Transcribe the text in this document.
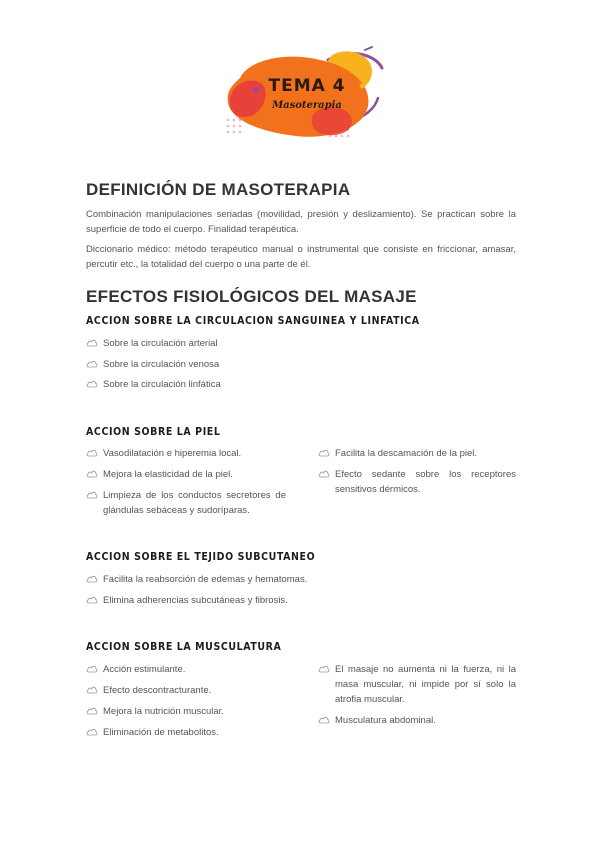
TEMA 4
Masoterapia
DEFINICIÓN DE MASOTERAPIA

Combinación manipulaciones seriadas (movilidad, presión y deslizamiento). Se practican sobre la superficie de todo el cuerpo. Finalidad terapéutica.

Diccionario médico: método terapéutico manual o instrumental que consiste en friccionar, amasar, percutir etc., la totalidad del cuerpo o una parte de él.

EFECTOS FISIOLÓGICOS DEL MASAJE
ACCION SOBRE LA CIRCULACION SANGUINEA Y LINFATICA
Sobre la circulación arterial
Sobre la circulación venosa
Sobre la circulación linfática
ACCION SOBRE LA PIEL
Vasodilatación e hiperemia local.
Mejora la elasticidad de la piel.
Limpieza de los conductos secretores de glándulas sebáceas y sudoríparas.
Facilita la descamación de la piel.
Efecto sedante sobre los receptores sensitivos dérmicos.
ACCION SOBRE EL TEJIDO SUBCUTANEO
Facilita la reabsorción de edemas y hematomas.
Elimina adherencias subcutáneas y fibrosis.
ACCION SOBRE LA MUSCULATURA
Acción estimulante.
Efecto descontracturante.
Mejora la nutrición muscular.
Eliminación de metabolitos.
El masaje no aumenta ni la fuerza, ni la masa muscular, ni impide por sí solo la atrofia muscular.
Musculatura abdominal.
